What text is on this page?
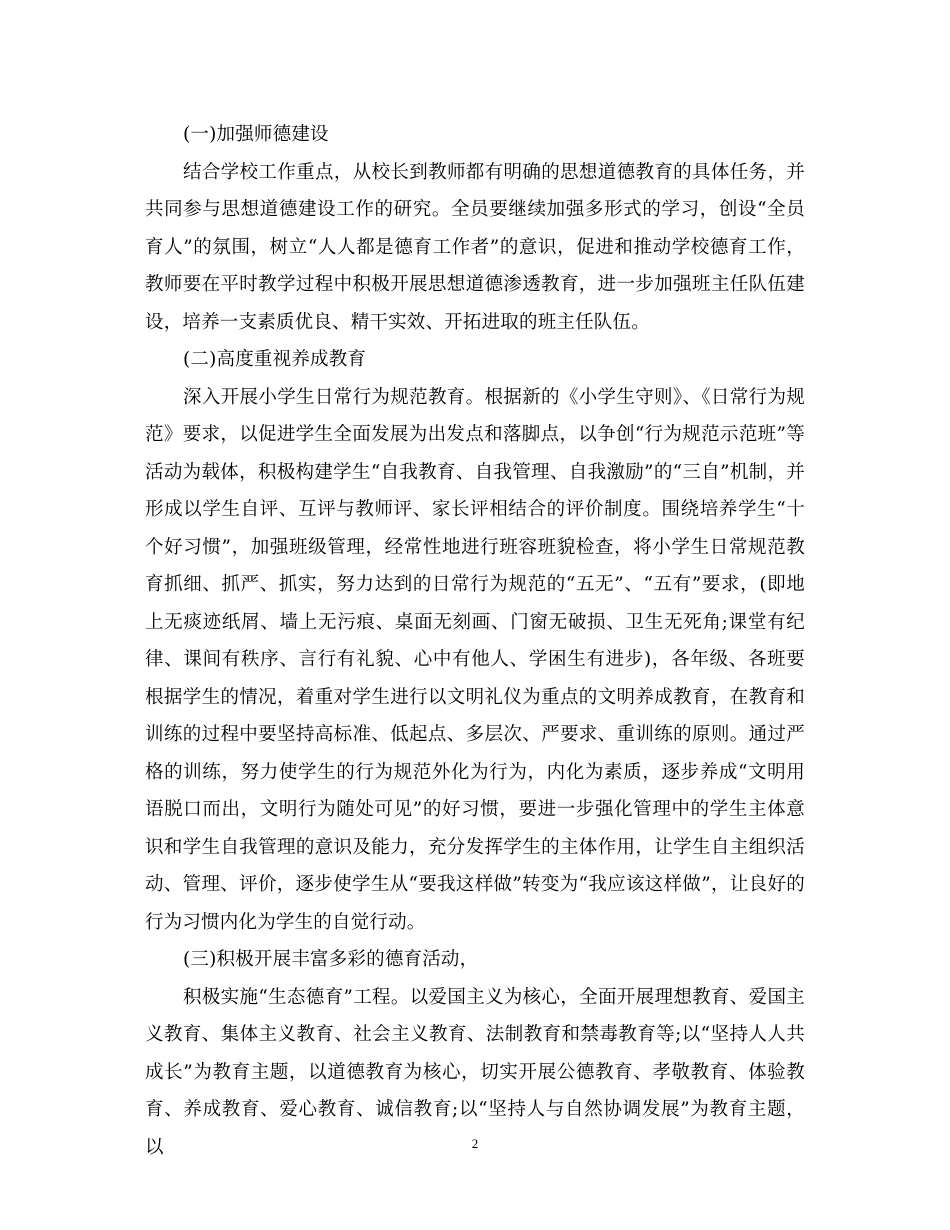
(一)加强师德建设

结合学校工作重点，从校长到教师都有明确的思想道德教育的具体任务，并共同参与思想道德建设工作的研究。全员要继续加强多形式的学习，创设“全员育人”的氛围，树立“人人都是德育工作者”的意识，促进和推动学校德育工作，教师要在平时教学过程中积极开展思想道德渗透教育，进一步加强班主任队伍建设，培养一支素质优良、精干实效、开拓进取的班主任队伍。

(二)高度重视养成教育

深入开展小学生日常行为规范教育。根据新的《小学生守则》、《日常行为规范》要求，以促进学生全面发展为出发点和落脚点，以争创“行为规范示范班”等活动为载体，积极构建学生“自我教育、自我管理、自我激励”的“三自”机制，并形成以学生自评、互评与教师评、家长评相结合的评价制度。围绕培养学生“十个好习惯”，加强班级管理，经常性地进行班容班貌检查，将小学生日常规范教育抓细、抓严、抓实，努力达到的日常行为规范的“五无”、“五有”要求，(即地上无痰迹纸屑、墙上无污痕、桌面无刻画、门窗无破损、卫生无死角;课堂有纪律、课间有秩序、言行有礼貌、心中有他人、学困生有进步)，各年级、各班要根据学生的情况，着重对学生进行以文明礼仪为重点的文明养成教育，在教育和训练的过程中要坚持高标准、低起点、多层次、严要求、重训练的原则。通过严格的训练，努力使学生的行为规范外化为行为，内化为素质，逐步养成“文明用语脱口而出，文明行为随处可见”的好习惯，要进一步强化管理中的学生主体意识和学生自我管理的意识及能力，充分发挥学生的主体作用，让学生自主组织活动、管理、评价，逐步使学生从“要我这样做”转变为“我应该这样做”，让良好的行为习惯内化为学生的自觉行动。

(三)积极开展丰富多彩的德育活动，

积极实施“生态德育”工程。以爱国主义为核心，全面开展理想教育、爱国主义教育、集体主义教育、社会主义教育、法制教育和禁毒教育等;以“坚持人人共成长”为教育主题，以道德教育为核心，切实开展公德教育、孝敬教育、体验教育、养成教育、爱心教育、诚信教育;以“坚持人与自然协调发展”为教育主题，以	2
